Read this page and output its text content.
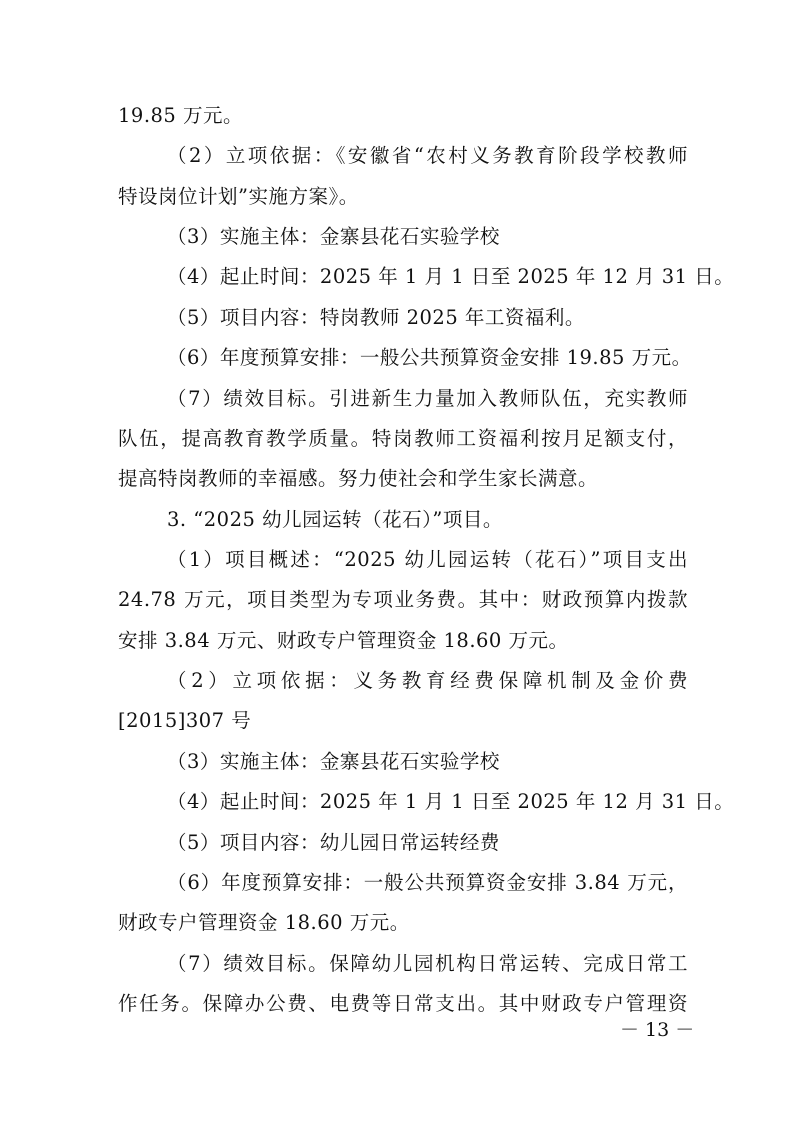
19.85 万元。
（2）立项依据：《安徽省“农村义务教育阶段学校教师
特设岗位计划”实施方案》。
（3）实施主体：金寨县花石实验学校
（4）起止时间：2025 年 1 月 1 日至 2025 年 12 月 31 日。
（5）项目内容：特岗教师 2025 年工资福利。
（6）年度预算安排：一般公共预算资金安排 19.85 万元。
（7）绩效目标。引进新生力量加入教师队伍，充实教师
队伍，提高教育教学质量。特岗教师工资福利按月足额支付，
提高特岗教师的幸福感。努力使社会和学生家长满意。
3. “2025 幼儿园运转（花石）”项目。
（1）项目概述：“2025 幼儿园运转（花石）”项目支出
24.78 万元，项目类型为专项业务费。其中：财政预算内拨款
安排 3.84 万元、财政专户管理资金 18.60 万元。
（2）立项依据：义务教育经费保障机制及金价费
[2015]307 号
（3）实施主体：金寨县花石实验学校
（4）起止时间：2025 年 1 月 1 日至 2025 年 12 月 31 日。
（5）项目内容：幼儿园日常运转经费
（6）年度预算安排：一般公共预算资金安排 3.84 万元，
财政专户管理资金 18.60 万元。
（7）绩效目标。保障幼儿园机构日常运转、完成日常工
作任务。保障办公费、电费等日常支出。其中财政专户管理资
－ 13 －
